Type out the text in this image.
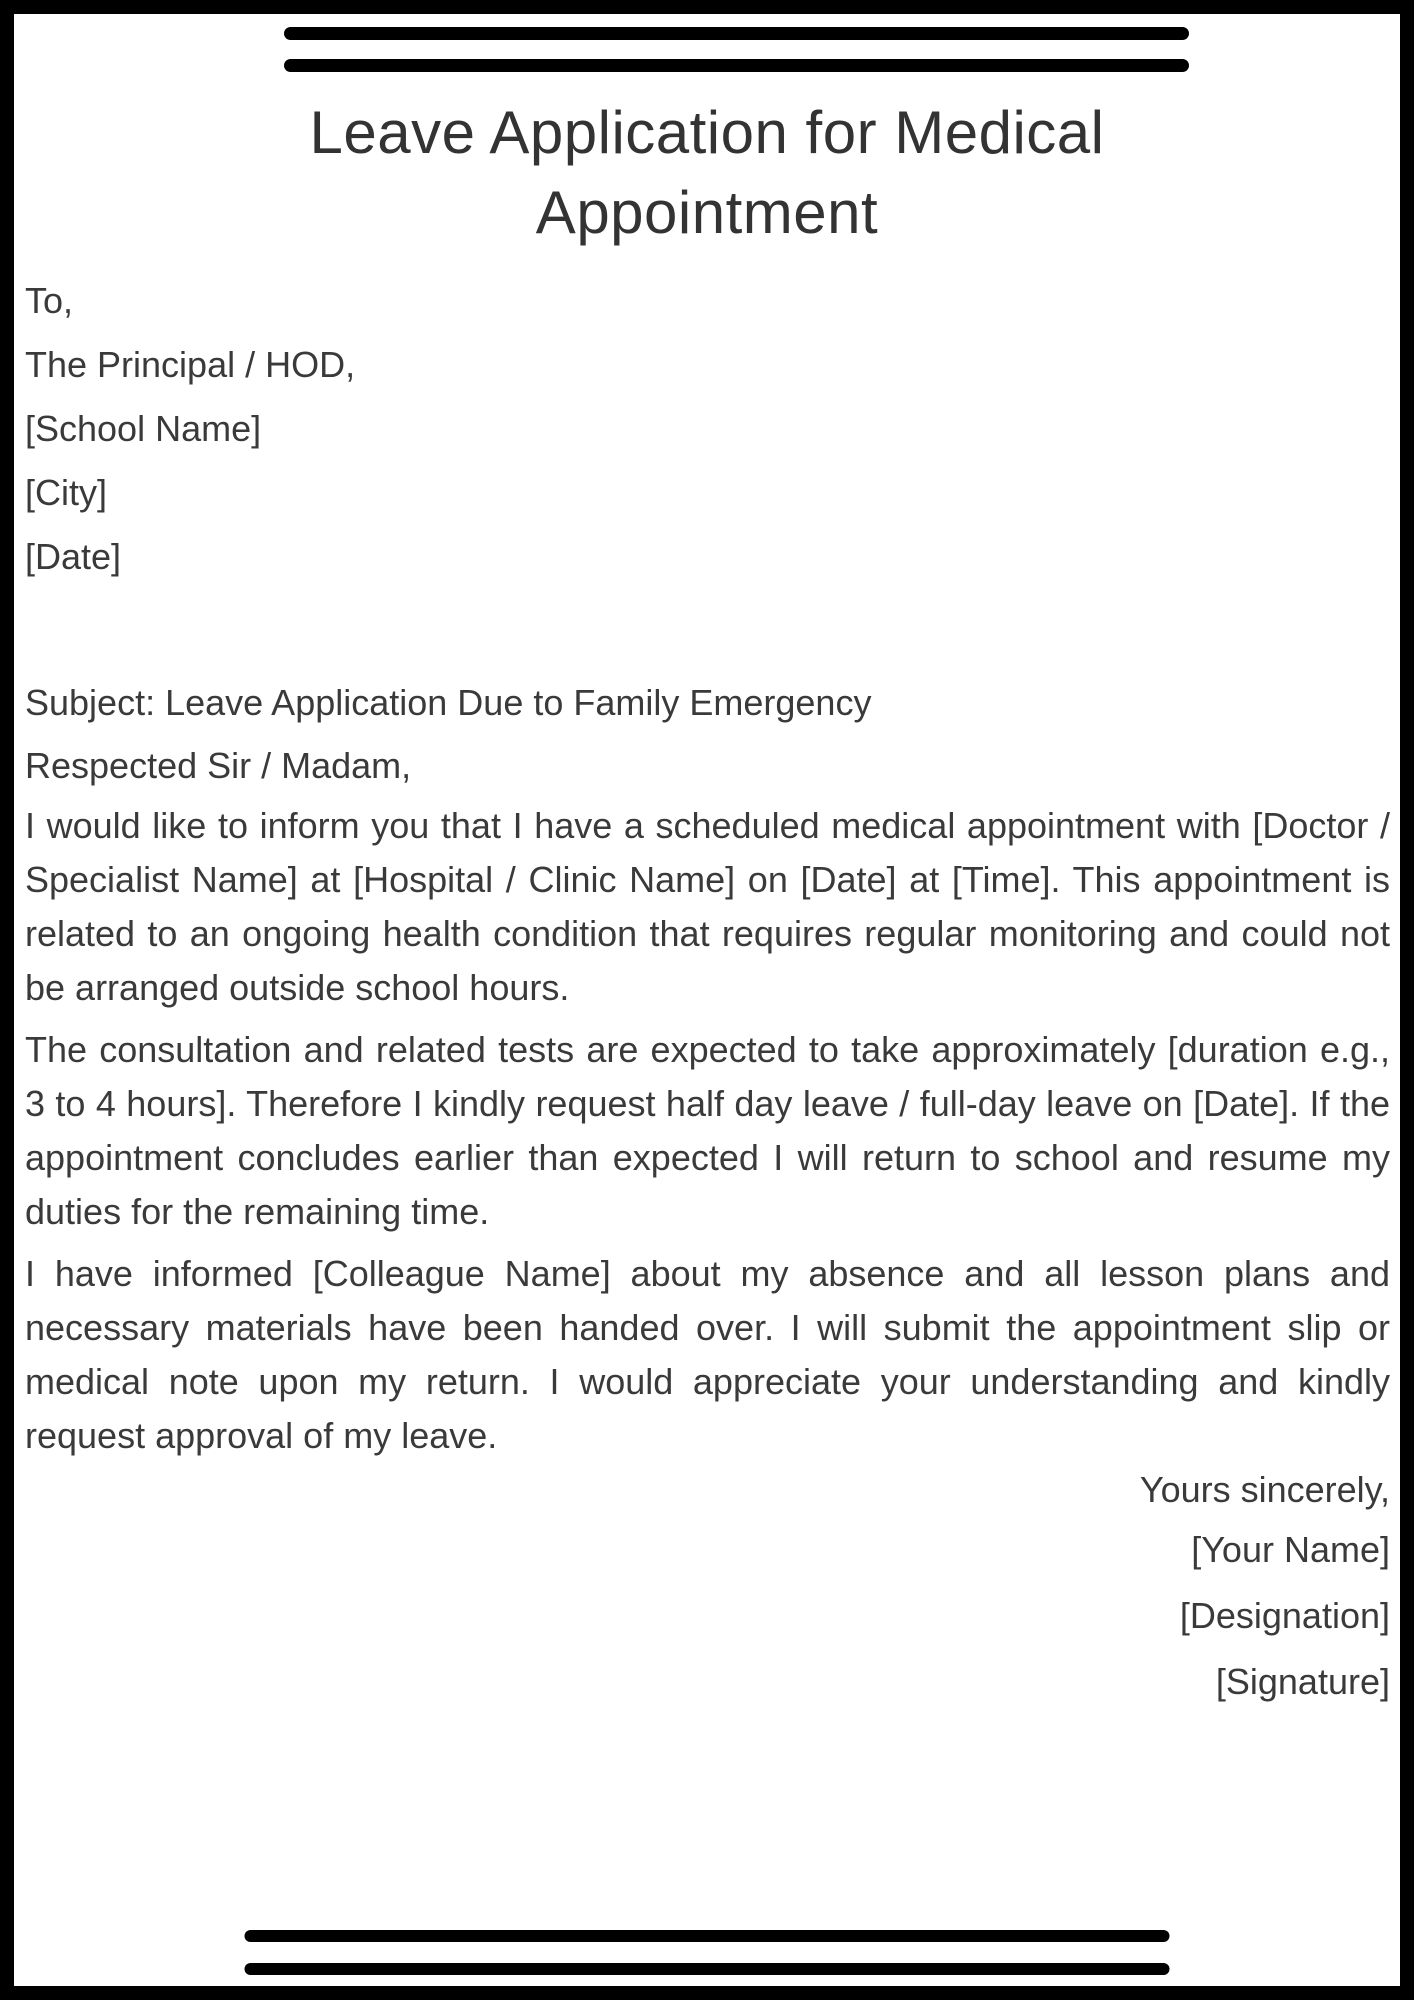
Leave Application for Medical Appointment
To,
The Principal / HOD,
[School Name]
[City]
[Date]
Subject: Leave Application Due to Family Emergency
Respected Sir / Madam,

I would like to inform you that I have a scheduled medical appointment with [Doctor / Specialist Name] at [Hospital / Clinic Name] on [Date] at [Time]. This appointment is related to an ongoing health condition that requires regular monitoring and could not be arranged outside school hours.

The consultation and related tests are expected to take approximately [duration e.g., 3 to 4 hours]. Therefore I kindly request half day leave / full-day leave on [Date]. If the appointment concludes earlier than expected I will return to school and resume my duties for the remaining time.

I have informed [Colleague Name] about my absence and all lesson plans and necessary materials have been handed over. I will submit the appointment slip or medical note upon my return. I would appreciate your understanding and kindly request approval of my leave.

Yours sincerely,
[Your Name]
[Designation]
[Signature]
